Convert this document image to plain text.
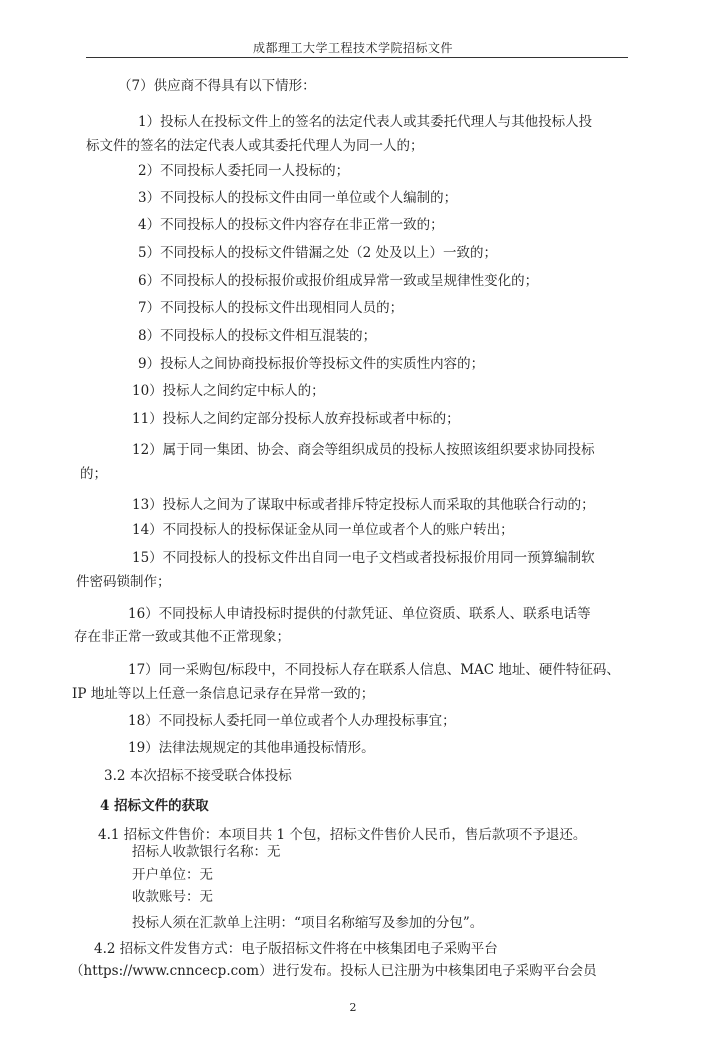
成都理工大学工程技术学院招标文件
（7）供应商不得具有以下情形：
1）投标人在投标文件上的签名的法定代表人或其委托代理人与其他投标人投
标文件的签名的法定代表人或其委托代理人为同一人的；
2）不同投标人委托同一人投标的；
3）不同投标人的投标文件由同一单位或个人编制的；
4）不同投标人的投标文件内容存在非正常一致的；
5）不同投标人的投标文件错漏之处（2 处及以上）一致的；
6）不同投标人的投标报价或报价组成异常一致或呈规律性变化的；
7）不同投标人的投标文件出现相同人员的；
8）不同投标人的投标文件相互混装的；
9）投标人之间协商投标报价等投标文件的实质性内容的；
10）投标人之间约定中标人的；
11）投标人之间约定部分投标人放弃投标或者中标的；
12）属于同一集团、协会、商会等组织成员的投标人按照该组织要求协同投标
的；
13）投标人之间为了谋取中标或者排斥特定投标人而采取的其他联合行动的；
14）不同投标人的投标保证金从同一单位或者个人的账户转出；
15）不同投标人的投标文件出自同一电子文档或者投标报价用同一预算编制软
件密码锁制作；
16）不同投标人申请投标时提供的付款凭证、单位资质、联系人、联系电话等
存在非正常一致或其他不正常现象；
17）同一采购包/标段中，不同投标人存在联系人信息、MAC 地址、硬件特征码、
IP 地址等以上任意一条信息记录存在异常一致的；
18）不同投标人委托同一单位或者个人办理投标事宜；
19）法律法规规定的其他串通投标情形。
3.2 本次招标不接受联合体投标
4 招标文件的获取
4.1 招标文件售价：本项目共 1 个包，招标文件售价人民币，售后款项不予退还。
招标人收款银行名称：无
开户单位：无
收款账号：无
投标人须在汇款单上注明：“项目名称缩写及参加的分包”。
4.2 招标文件发售方式：电子版招标文件将在中核集团电子采购平台
（https://www.cnncecp.com）进行发布。投标人已注册为中核集团电子采购平台会员
2
